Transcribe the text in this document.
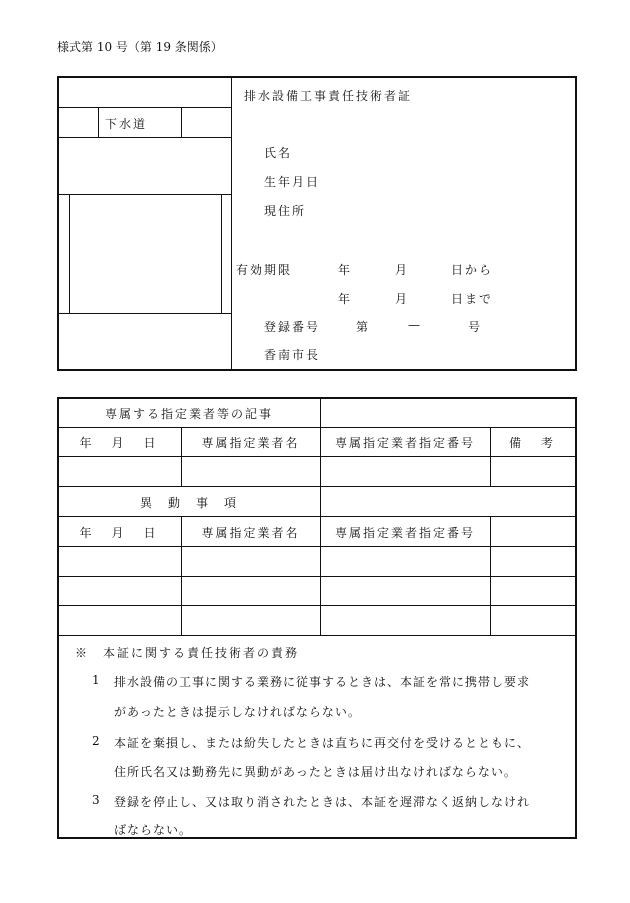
様式第 10 号（第 19 条関係）
下水道
排水設備工事責任技術者証
氏名
生年月日
現住所
有効期限	年	月	日から
年	月	日まで
登録番号	第	—	号
香南市長
専属する指定業者等の記事
年　月　日	専属指定業者名	専属指定業者指定番号	備　考
異　動　事　項
年　月　日	専属指定業者名	専属指定業者指定番号
※　本証に関する責任技術者の責務
1 排水設備の工事に関する業務に従事するときは、本証を常に携帯し要求
があったときは提示しなければならない。
2 本証を棄損し、または紛失したときは直ちに再交付を受けるとともに、
住所氏名又は勤務先に異動があったときは届け出なければならない。
3 登録を停止し、又は取り消されたときは、本証を遅滞なく返納しなけれ
ばならない。
